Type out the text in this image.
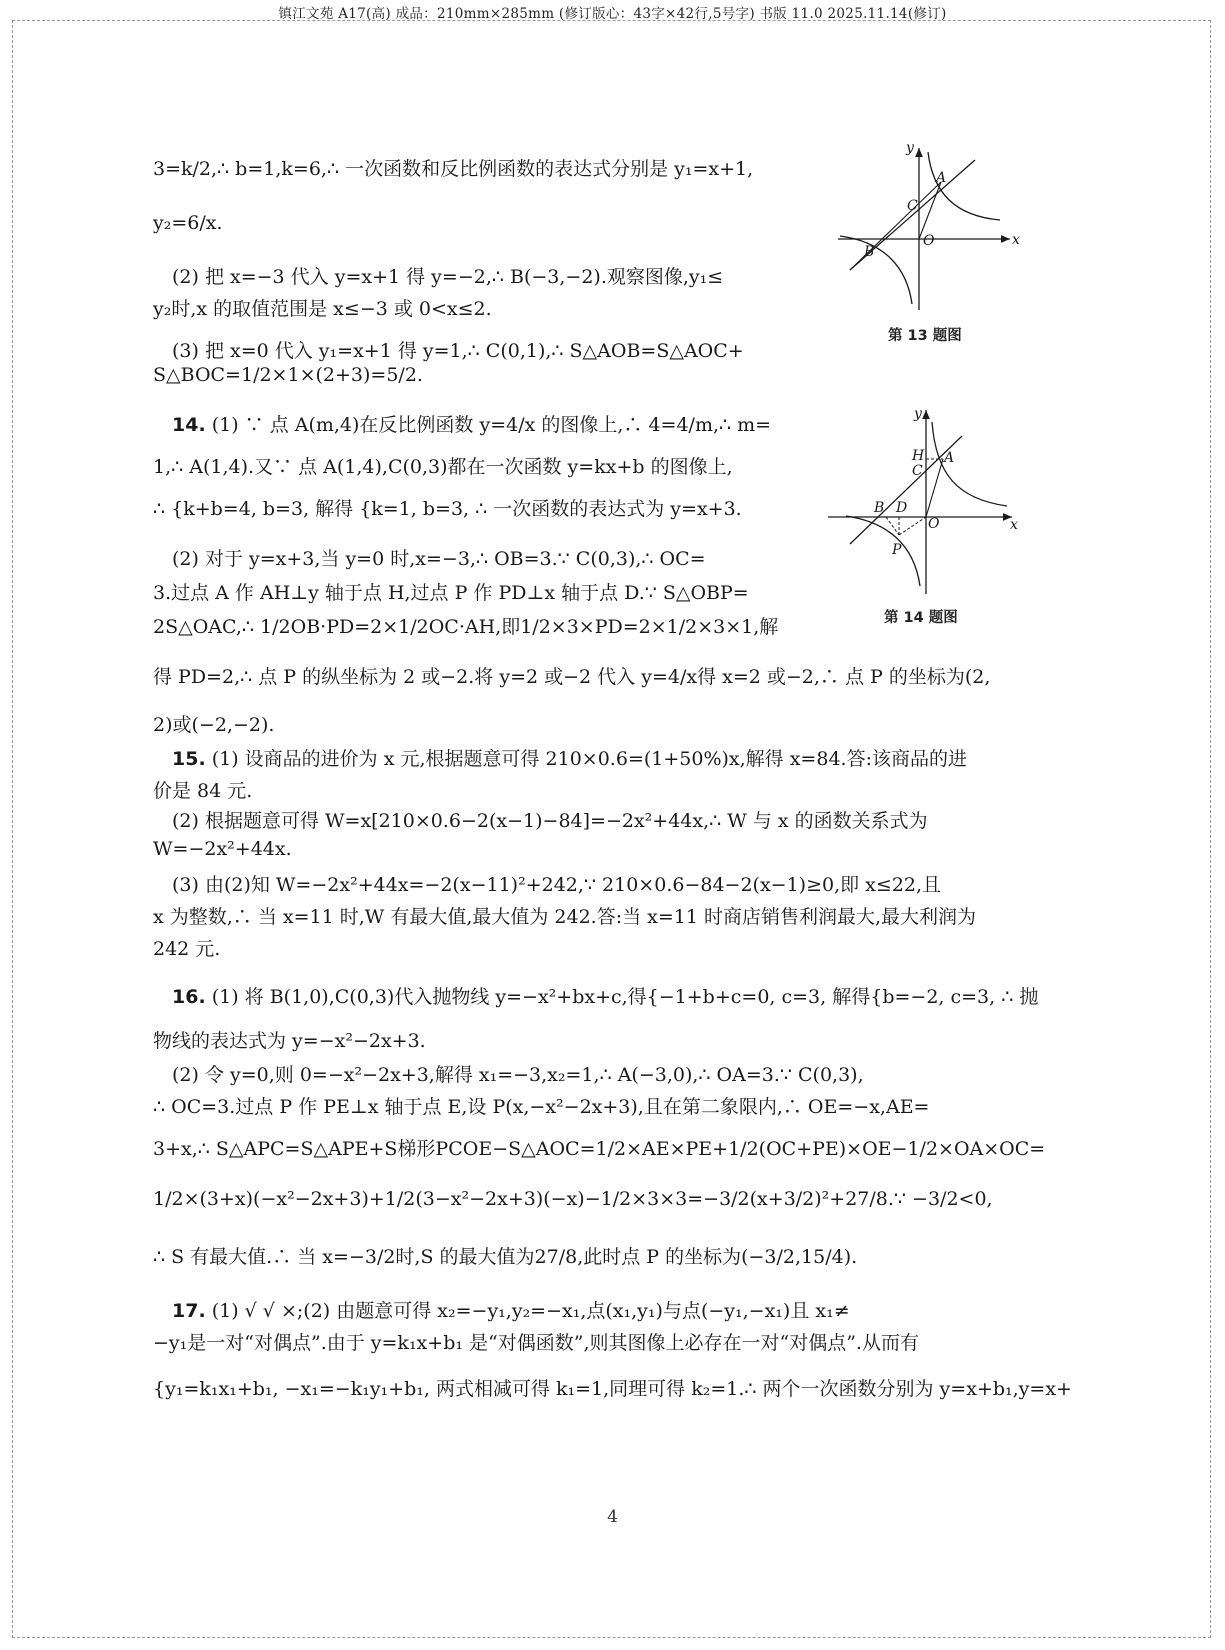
镇江文苑 A17(高) 成品：210mm×285mm (修订版心：43字×42行,5号字) 书版 11.0 2025.11.14(修订)
3=k/2,∴ b=1,k=6,∴ 一次函数和反比例函数的表达式分别是 y₁=x+1,
y₂=6/x.
(2) 把 x=−3 代入 y=x+1 得 y=−2,∴ B(−3,−2).观察图像,y₁≤
y₂时,x 的取值范围是 x≤−3 或 0<x≤2.
(3) 把 x=0 代入 y₁=x+1 得 y=1,∴ C(0,1),∴ S△AOB=S△AOC+
S△BOC=1/2×1×(2+3)=5/2.
14. (1) ∵ 点 A(m,4)在反比例函数 y=4/x 的图像上,∴ 4=4/m,∴ m=
1,∴ A(1,4).又∵ 点 A(1,4),C(0,3)都在一次函数 y=kx+b 的图像上,
∴ {k+b=4, b=3, 解得 {k=1, b=3, ∴ 一次函数的表达式为 y=x+3.
(2) 对于 y=x+3,当 y=0 时,x=−3,∴ OB=3.∵ C(0,3),∴ OC=
3.过点 A 作 AH⊥y 轴于点 H,过点 P 作 PD⊥x 轴于点 D.∵ S△OBP=
2S△OAC,∴ 1/2OB·PD=2×1/2OC·AH,即1/2×3×PD=2×1/2×3×1,解
得 PD=2,∴ 点 P 的纵坐标为 2 或−2.将 y=2 或−2 代入 y=4/x得 x=2 或−2,∴ 点 P 的坐标为(2,
2)或(−2,−2).
15. (1) 设商品的进价为 x 元,根据题意可得 210×0.6=(1+50%)x,解得 x=84.答:该商品的进
价是 84 元.
(2) 根据题意可得 W=x[210×0.6−2(x−1)−84]=−2x²+44x,∴ W 与 x 的函数关系式为
W=−2x²+44x.
(3) 由(2)知 W=−2x²+44x=−2(x−11)²+242,∵ 210×0.6−84−2(x−1)≥0,即 x≤22,且
x 为整数,∴ 当 x=11 时,W 有最大值,最大值为 242.答:当 x=11 时商店销售利润最大,最大利润为
242 元.
16. (1) 将 B(1,0),C(0,3)代入抛物线 y=−x²+bx+c,得{−1+b+c=0, c=3, 解得{b=−2, c=3, ∴ 抛
物线的表达式为 y=−x²−2x+3.
(2) 令 y=0,则 0=−x²−2x+3,解得 x₁=−3,x₂=1,∴ A(−3,0),∴ OA=3.∵ C(0,3),
∴ OC=3.过点 P 作 PE⊥x 轴于点 E,设 P(x,−x²−2x+3),且在第二象限内,∴ OE=−x,AE=
3+x,∴ S△APC=S△APE+S梯形PCOE−S△AOC=1/2×AE×PE+1/2(OC+PE)×OE−1/2×OA×OC=
1/2×(3+x)(−x²−2x+3)+1/2(3−x²−2x+3)(−x)−1/2×3×3=−3/2(x+3/2)²+27/8.∵ −3/2<0,
∴ S 有最大值.∴ 当 x=−3/2时,S 的最大值为27/8,此时点 P 的坐标为(−3/2,15/4).
17. (1) √ √ ×;(2) 由题意可得 x₂=−y₁,y₂=−x₁,点(x₁,y₁)与点(−y₁,−x₁)且 x₁≠
−y₁是一对“对偶点”.由于 y=k₁x+b₁ 是“对偶函数”,则其图像上必存在一对“对偶点”.从而有
{y₁=k₁x₁+b₁, −x₁=−k₁y₁+b₁, 两式相减可得 k₁=1,同理可得 k₂=1.∴ 两个一次函数分别为 y=x+b₁,y=x+
y
x
A
C
O
B
第 13 题图
y
x
H A
C
B D
O
P
第 14 题图
4
